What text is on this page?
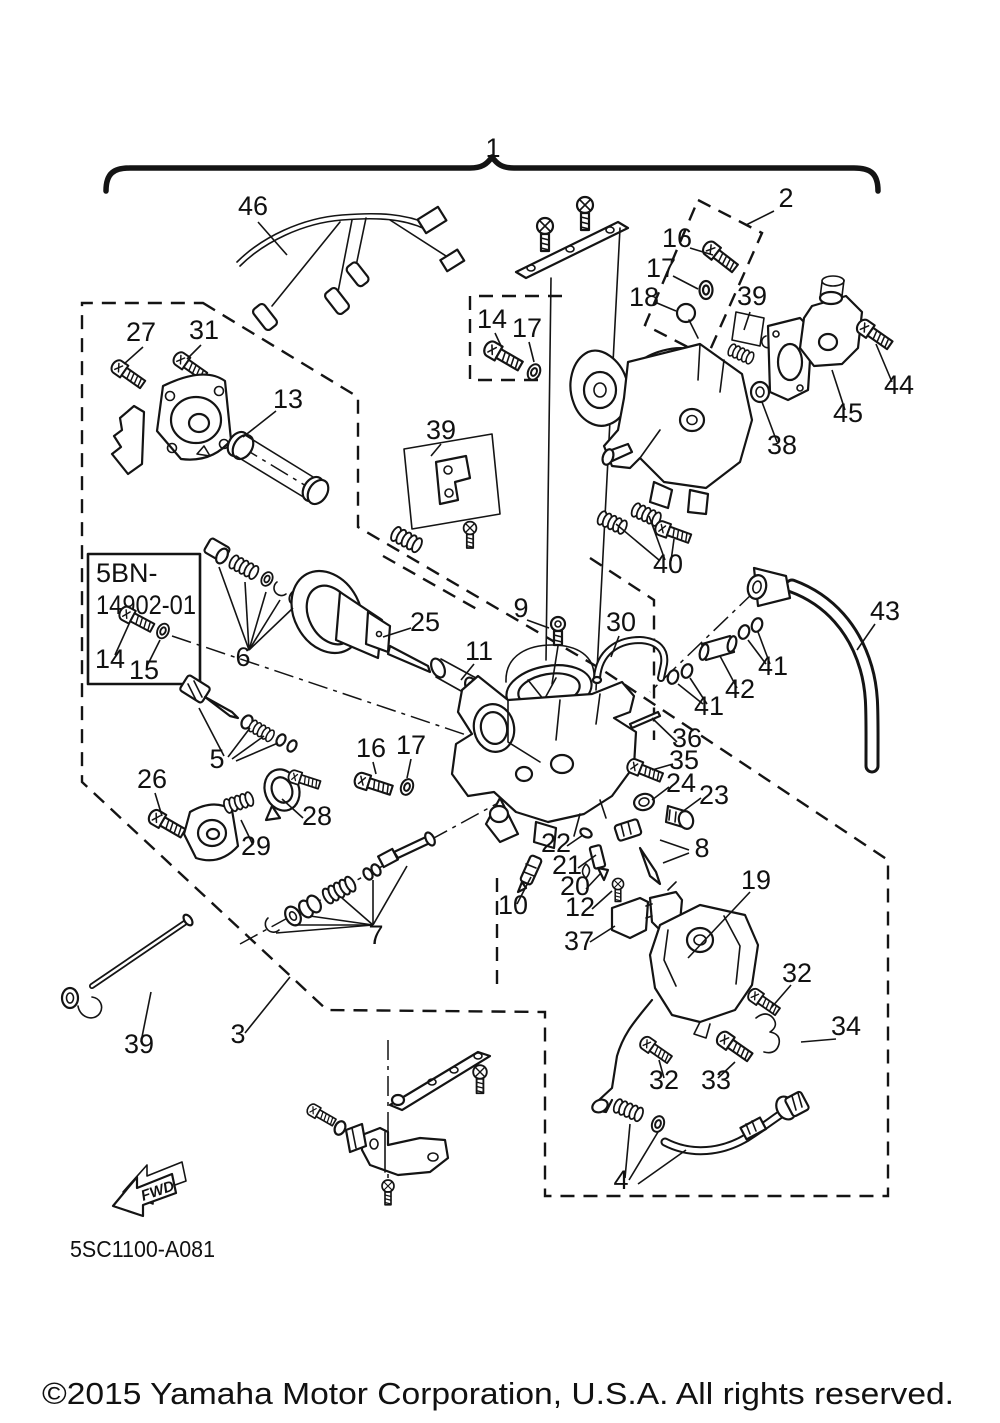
5BN-
14902-01
FWD
1
46	2
16
17
18	39
44
45
38
27 31
13
14 17
39
40
14 15	6
25
11
9	30	43
41
42
41
5	16 17	36
35
24 23
26
28
29	8
22
21
20
12
10
37
19
7
32
34
32 33
3
39
4
5SC1100-A081
©2015 Yamaha Motor Corporation, U.S.A. All rights reserved.
